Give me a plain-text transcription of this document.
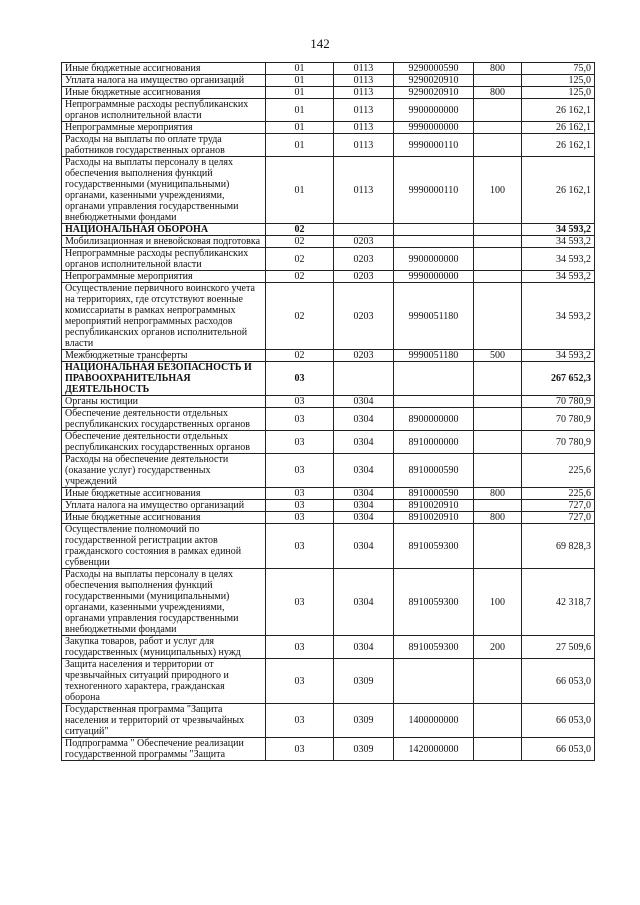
142
Иные бюджетные ассигнования	01	0113	9290000590	800	75,0
Уплата налога на имущество организаций	01	0113	9290020910		125,0
Иные бюджетные ассигнования	01	0113	9290020910	800	125,0
Непрограммные расходы республиканских органов исполнительной власти	01	0113	9900000000		26 162,1
Непрограммные мероприятия	01	0113	9990000000		26 162,1
Расходы на выплаты по оплате труда работников государственных органов	01	0113	9990000110		26 162,1
Расходы на выплаты персоналу в целях обеспечения выполнения функций государственными (муниципальными) органами, казенными учреждениями, органами управления государственными внебюджетными фондами	01	0113	9990000110	100	26 162,1
НАЦИОНАЛЬНАЯ ОБОРОНА	02				34 593,2
Мобилизационная и вневойсковая подготовка	02	0203			34 593,2
Непрограммные расходы республиканских органов исполнительной власти	02	0203	9900000000		34 593,2
Непрограммные мероприятия	02	0203	9990000000		34 593,2
Осуществление первичного воинского учета на территориях, где отсутствуют военные комиссариаты в рамках непрограммных мероприятий непрограммных расходов республиканских органов исполнительной власти	02	0203	9990051180		34 593,2
Межбюджетные трансферты	02	0203	9990051180	500	34 593,2
НАЦИОНАЛЬНАЯ БЕЗОПАСНОСТЬ И ПРАВООХРАНИТЕЛЬНАЯ ДЕЯТЕЛЬНОСТЬ	03				267 652,3
Органы юстиции	03	0304			70 780,9
Обеспечение деятельности отдельных республиканских государственных органов	03	0304	8900000000		70 780,9
Обеспечение деятельности отдельных республиканских государственных органов	03	0304	8910000000		70 780,9
Расходы на обеспечение деятельности (оказание услуг) государственных учреждений	03	0304	8910000590		225,6
Иные бюджетные ассигнования	03	0304	8910000590	800	225,6
Уплата налога на имущество организаций	03	0304	8910020910		727,0
Иные бюджетные ассигнования	03	0304	8910020910	800	727,0
Осуществление полномочий по государственной регистрации актов гражданского состояния в рамках единой субвенции	03	0304	8910059300		69 828,3
Расходы на выплаты персоналу в целях обеспечения выполнения функций государственными (муниципальными) органами, казенными учреждениями, органами управления государственными внебюджетными фондами	03	0304	8910059300	100	42 318,7
Закупка товаров, работ и услуг для государственных (муниципальных) нужд	03	0304	8910059300	200	27 509,6
Защита населения и территории от чрезвычайных ситуаций природного и техногенного характера, гражданская оборона	03	0309			66 053,0
Государственная программа "Защита населения и территорий от чрезвычайных ситуаций"	03	0309	1400000000		66 053,0
Подпрограмма " Обеспечение реализации государственной программы "Защита	03	0309	1420000000		66 053,0
